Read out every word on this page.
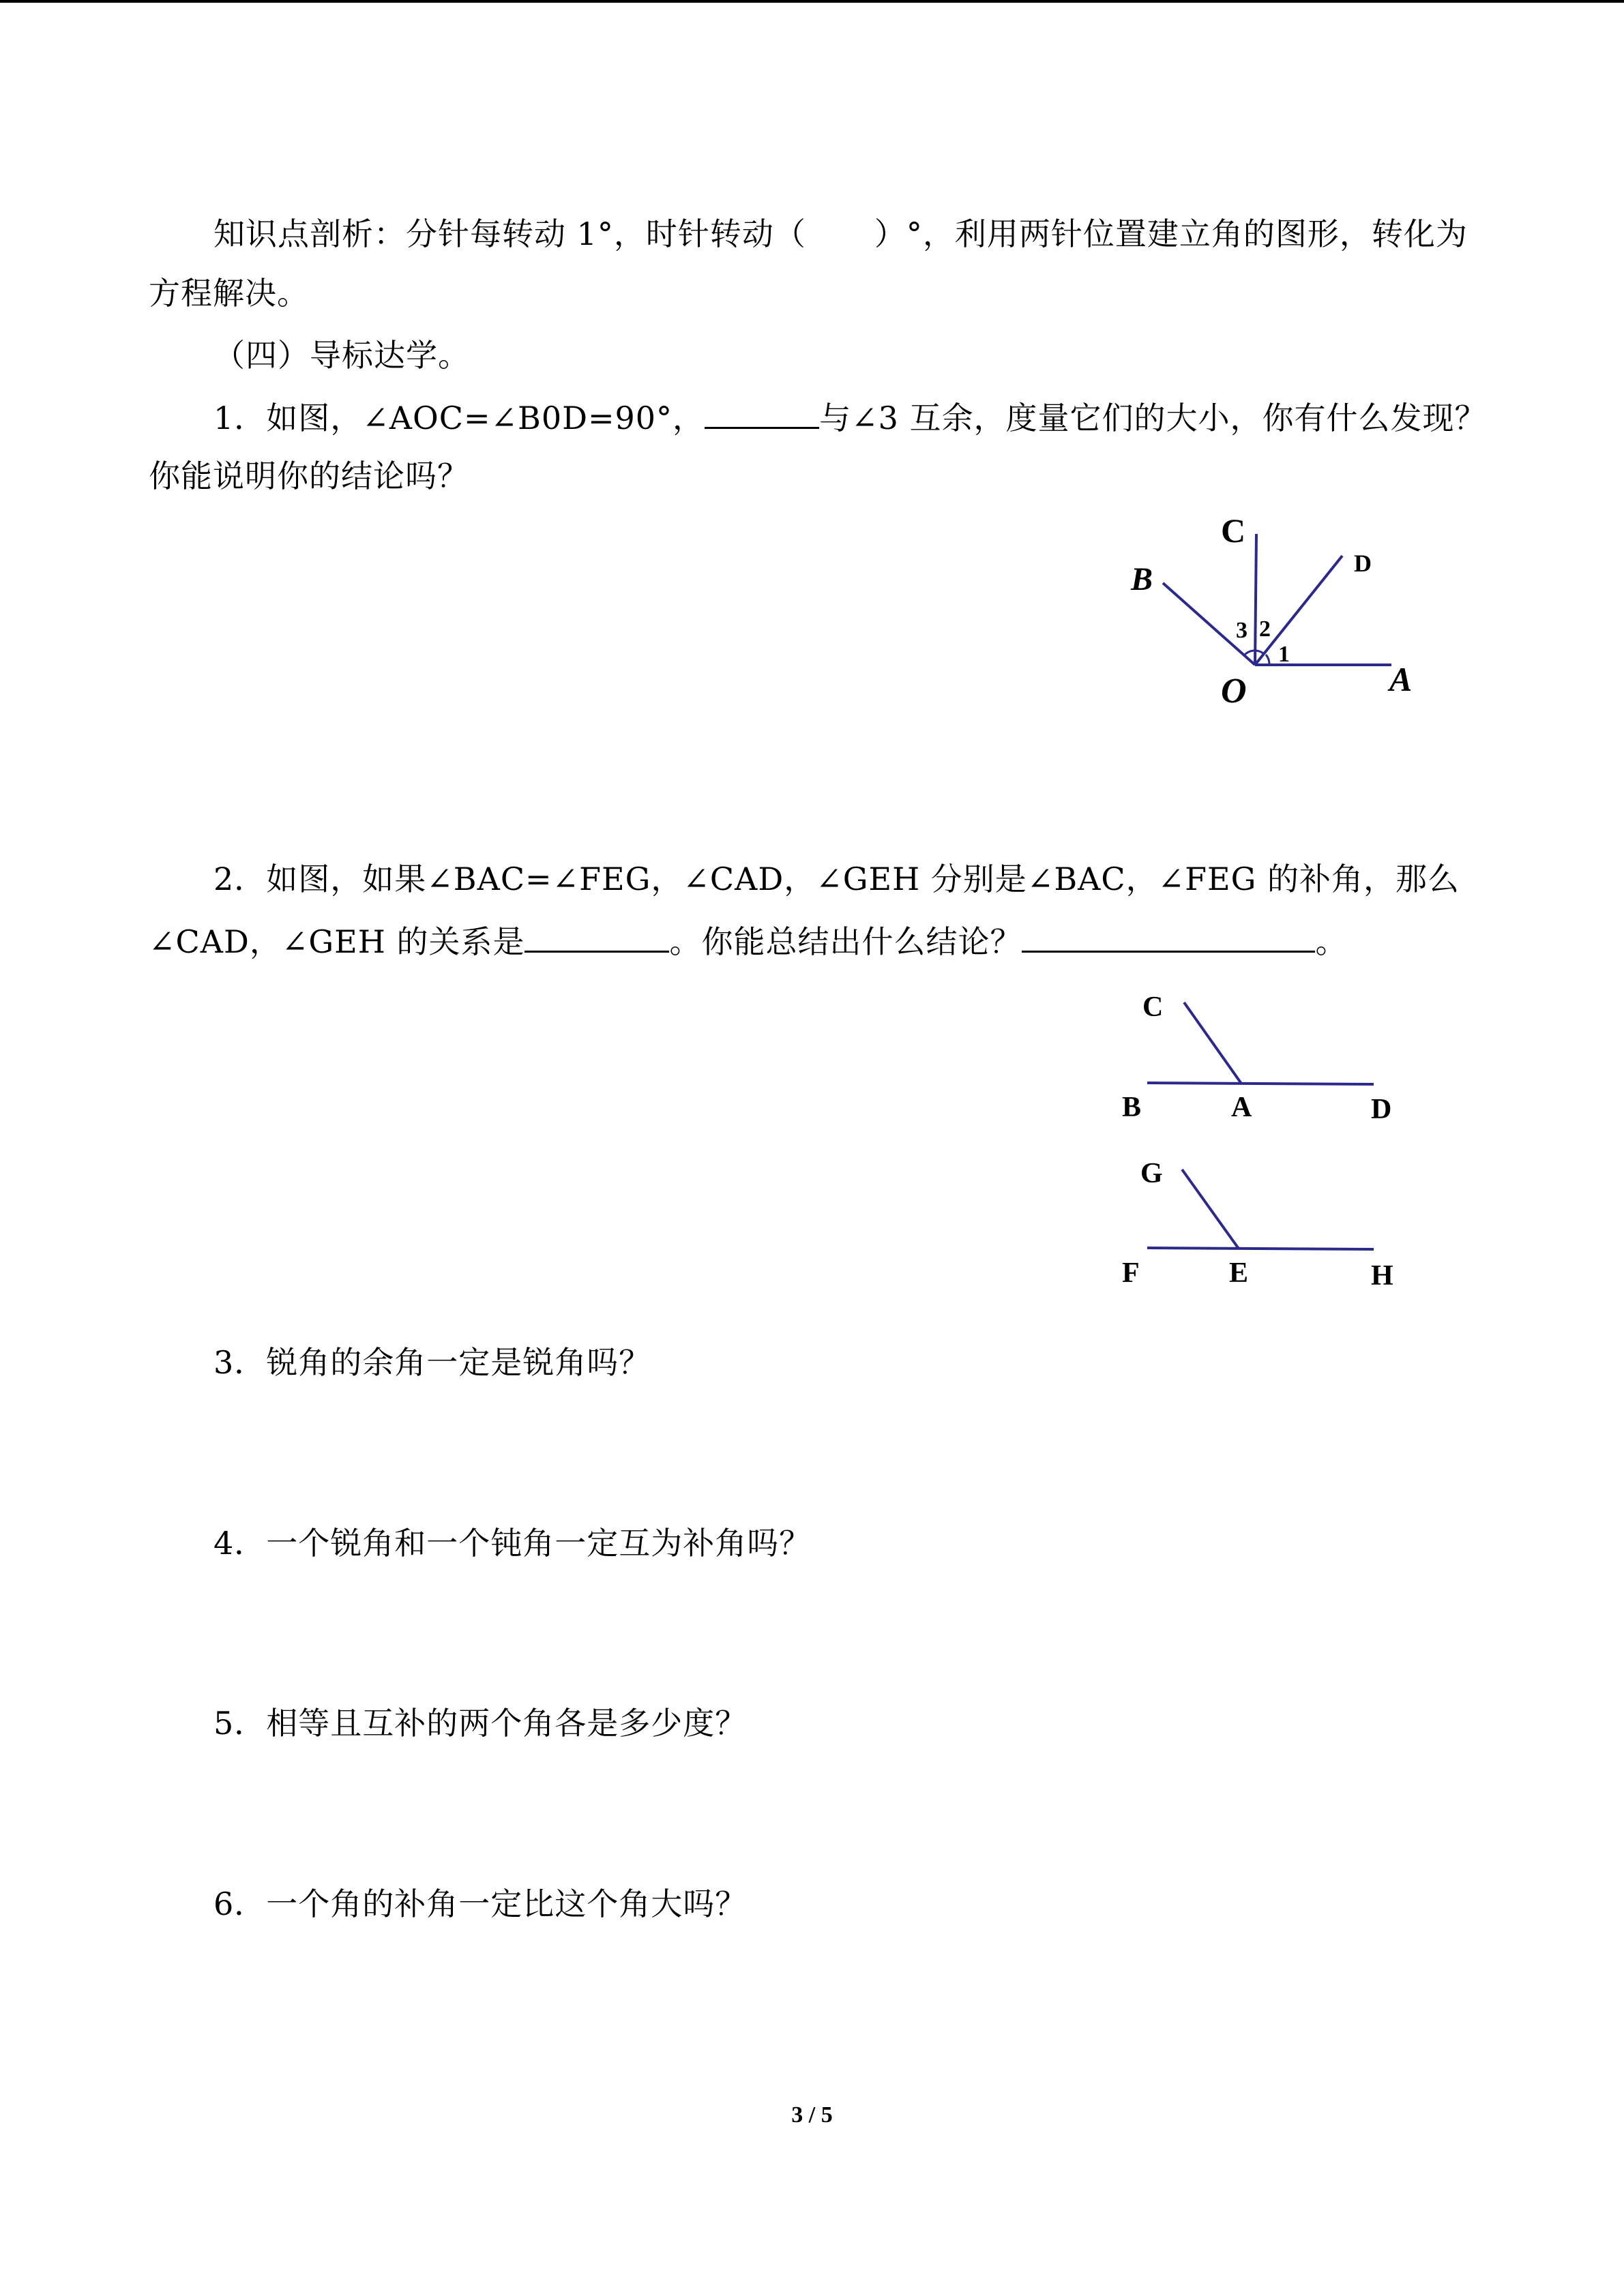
知识点剖析：分针每转动 1°，时针转动（ ）°，利用两针位置建立角的图形，转化为
方程解决。
（四）导标达学。
1．如图，∠AOC=∠B0D=90°，	与∠3 互余，度量它们的大小，你有什么发现？
你能说明你的结论吗？
C
D
B
O	A
3 2
1
2．如图，如果∠BAC=∠FEG，∠CAD，∠GEH 分别是∠BAC，∠FEG 的补角，那么
∠CAD，∠GEH 的关系是	。你能总结出什么结论？	。
C
B	A	D
G
F	E	H
3．锐角的余角一定是锐角吗？
4．一个锐角和一个钝角一定互为补角吗？
5．相等且互补的两个角各是多少度？
6．一个角的补角一定比这个角大吗？
3 / 5
